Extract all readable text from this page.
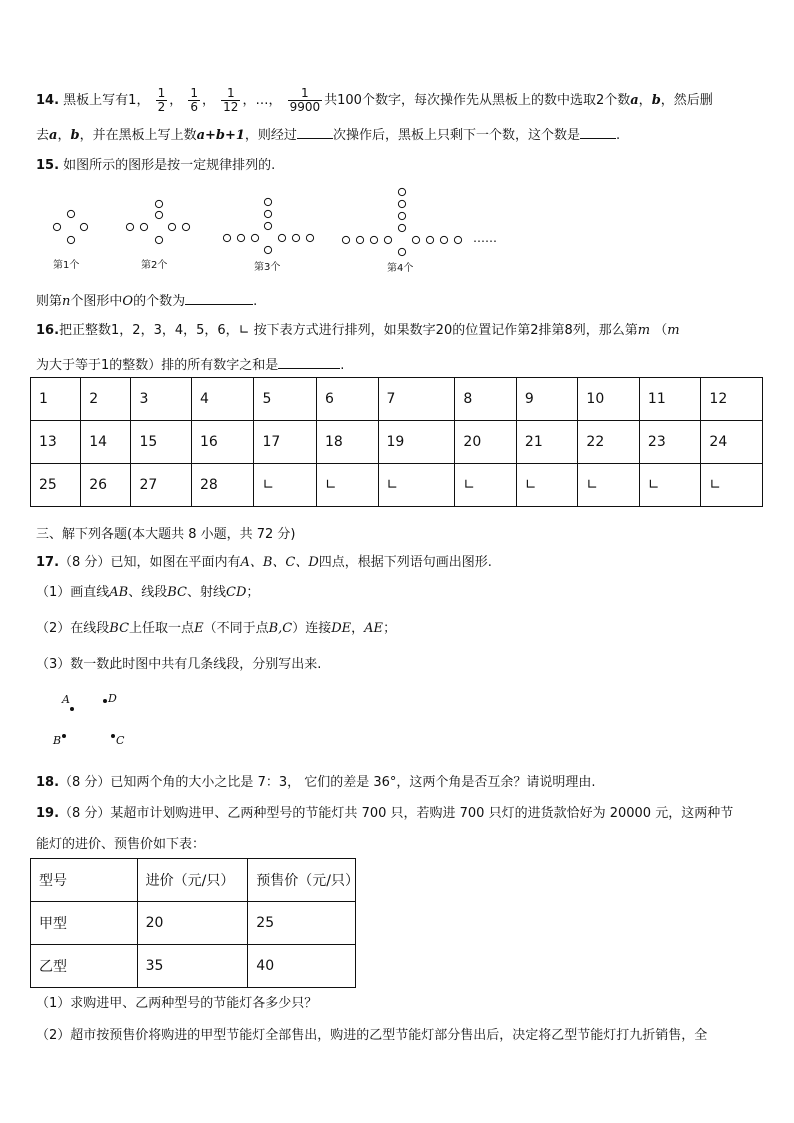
14. 黑板上写有1， $\frac{1}{2}$ ， $\frac{1}{6}$ ， $\frac{1}{12}$ ，…， $\frac{1}{9900}$ 共100个数字，每次操作先从黑板上的数中选取2个数a，b，然后删
去a，b，并在黑板上写上数a+b+1，则经过	次操作后，黑板上只剩下一个数，这个数是	.
15. 如图所示的图形是按一定规律排列的.
第1个	第2个	第3个	第4个
……
则第n个图形中O的个数为	.
16.把正整数1，2，3，4，5，6，∟ 按下表方式进行排列，如果数字20的位置记作第2排第8列，那么第m （m
为大于等于1的整数）排的所有数字之和是	.
1	2	3	4	5	6	7	8	9	10	11	12
13	14	15	16	17	18	19	20	21	22	23	24
25	26	27	28	∟	∟	∟	∟	∟	∟	∟	∟
三、解下列各题(本大题共 8 小题，共 72 分)
17.（8 分）已知，如图在平面内有A、B、C、D四点，根据下列语句画出图形.
（1）画直线AB、线段BC、射线CD；
（2）在线段BC上任取一点E（不同于点B,C）连接DE，AE；
（3）数一数此时图中共有几条线段，分别写出来.
A	D
B	C
18.（8 分）已知两个角的大小之比是 7：3， 它们的差是 36°，这两个角是否互余？请说明理由.
19.（8 分）某超市计划购进甲、乙两种型号的节能灯共 700 只，若购进 700 只灯的进货款恰好为 20000 元，这两种节
能灯的进价、预售价如下表：
型号	进价（元/只）	预售价（元/只）
甲型	20	25
乙型	35	40
（1）求购进甲、乙两种型号的节能灯各多少只？
（2）超市按预售价将购进的甲型节能灯全部售出，购进的乙型节能灯部分售出后，决定将乙型节能灯打九折销售，全
